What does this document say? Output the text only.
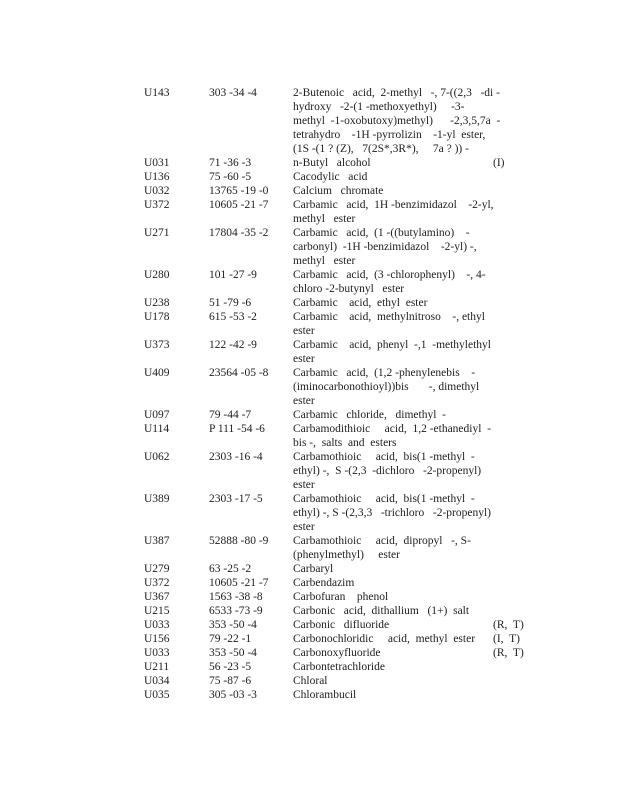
U143	303 -34 -4	2-Butenoic   acid,  2-methyl   -, 7-((2,3   -di -
hydroxy   -2-(1 -methoxyethyl)     -3-
methyl  -1-oxobutoxy)methyl)      -2,3,5,7a  -
tetrahydro    -1H -pyrrolizin    -1-yl  ester,
(1S -(1 ? (Z),   7(2S*,3R*),     7a ? )) -
U031	71 -36 -3	n-Butyl   alcohol	(I)
U136	75 -60 -5	Cacodylic   acid
U032	13765 -19 -0	Calcium   chromate
U372	10605 -21 -7	Carbamic   acid,  1H -benzimidazol    -2-yl,
methyl   ester
U271	17804 -35 -2	Carbamic   acid,  (1 -((butylamino)    -
carbonyl)  -1H -benzimidazol    -2-yl) -,
methyl   ester
U280	101 -27 -9	Carbamic   acid,  (3 -chlorophenyl)    -, 4-
chloro -2-butynyl   ester
U238	51 -79 -6	Carbamic    acid,  ethyl  ester
U178	615 -53 -2	Carbamic    acid,  methylnitroso    -, ethyl
ester
U373	122 -42 -9	Carbamic    acid,  phenyl  -,1  -methylethyl
ester
U409	23564 -05 -8	Carbamic   acid,  (1,2 -phenylenebis    -
(iminocarbonothioyl))bis       -, dimethyl
ester
U097	79 -44 -7	Carbamic   chloride,   dimethyl  -
U114	P 111 -54 -6	Carbamodithioic     acid,  1,2 -ethanediyl  -
bis -,  salts  and  esters
U062	2303 -16 -4	Carbamothioic     acid,  bis(1 -methyl  -
ethyl) -,  S -(2,3  -dichloro   -2-propenyl)
ester
U389	2303 -17 -5	Carbamothioic     acid,  bis(1 -methyl  -
ethyl) -, S -(2,3,3   -trichloro   -2-propenyl)
ester
U387	52888 -80 -9	Carbamothioic     acid,  dipropyl   -, S-
(phenylmethyl)     ester
U279	63 -25 -2	Carbaryl
U372	10605 -21 -7	Carbendazim
U367	1563 -38 -8	Carbofuran    phenol
U215	6533 -73 -9	Carbonic   acid,  dithallium   (1+)  salt
U033	353 -50 -4	Carbonic   difluoride	(R,  T)
U156	79 -22 -1	Carbonochloridic     acid,  methyl  ester	(I,  T)
U033	353 -50 -4	Carbonoxyfluoride	(R,  T)
U211	56 -23 -5	Carbontetrachloride
U034	75 -87 -6	Chloral
U035	305 -03 -3	Chlorambucil
